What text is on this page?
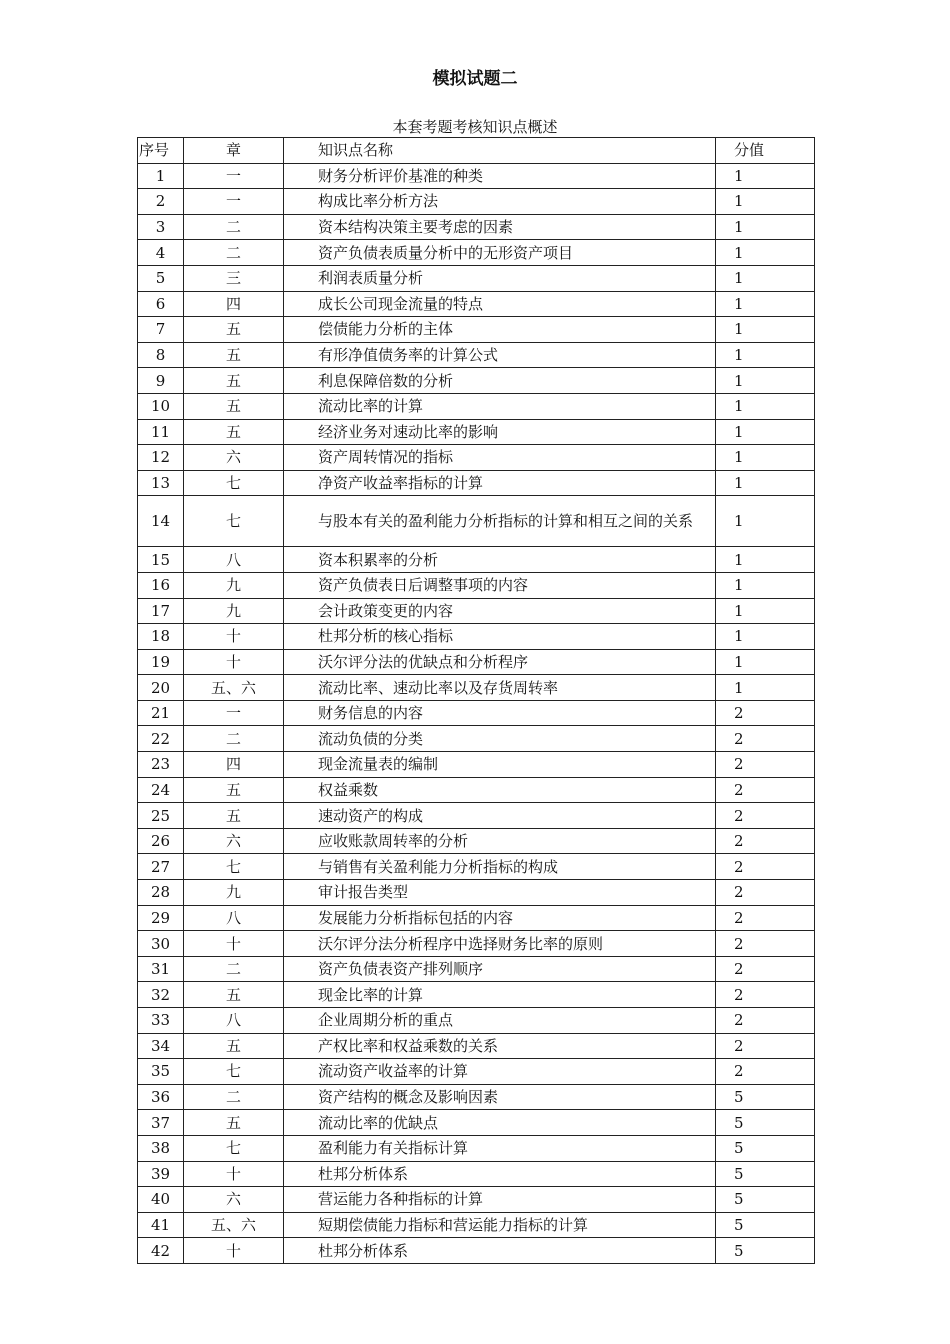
模拟试题二
本套考题考核知识点概述
序号	章	知识点名称	分值
1	一	财务分析评价基准的种类	1
2	一	构成比率分析方法	1
3	二	资本结构决策主要考虑的因素	1
4	二	资产负债表质量分析中的无形资产项目	1
5	三	利润表质量分析	1
6	四	成长公司现金流量的特点	1
7	五	偿债能力分析的主体	1
8	五	有形净值债务率的计算公式	1
9	五	利息保障倍数的分析	1
10	五	流动比率的计算	1
11	五	经济业务对速动比率的影响	1
12	六	资产周转情况的指标	1
13	七	净资产收益率指标的计算	1
14	七	与股本有关的盈利能力分析指标的计算和相互之间的关系	1
15	八	资本积累率的分析	1
16	九	资产负债表日后调整事项的内容	1
17	九	会计政策变更的内容	1
18	十	杜邦分析的核心指标	1
19	十	沃尔评分法的优缺点和分析程序	1
20	五、六	流动比率、速动比率以及存货周转率	1
21	一	财务信息的内容	2
22	二	流动负债的分类	2
23	四	现金流量表的编制	2
24	五	权益乘数	2
25	五	速动资产的构成	2
26	六	应收账款周转率的分析	2
27	七	与销售有关盈利能力分析指标的构成	2
28	九	审计报告类型	2
29	八	发展能力分析指标包括的内容	2
30	十	沃尔评分法分析程序中选择财务比率的原则	2
31	二	资产负债表资产排列顺序	2
32	五	现金比率的计算	2
33	八	企业周期分析的重点	2
34	五	产权比率和权益乘数的关系	2
35	七	流动资产收益率的计算	2
36	二	资产结构的概念及影响因素	5
37	五	流动比率的优缺点	5
38	七	盈利能力有关指标计算	5
39	十	杜邦分析体系	5
40	六	营运能力各种指标的计算	5
41	五、六	短期偿债能力指标和营运能力指标的计算	5
42	十	杜邦分析体系	5
